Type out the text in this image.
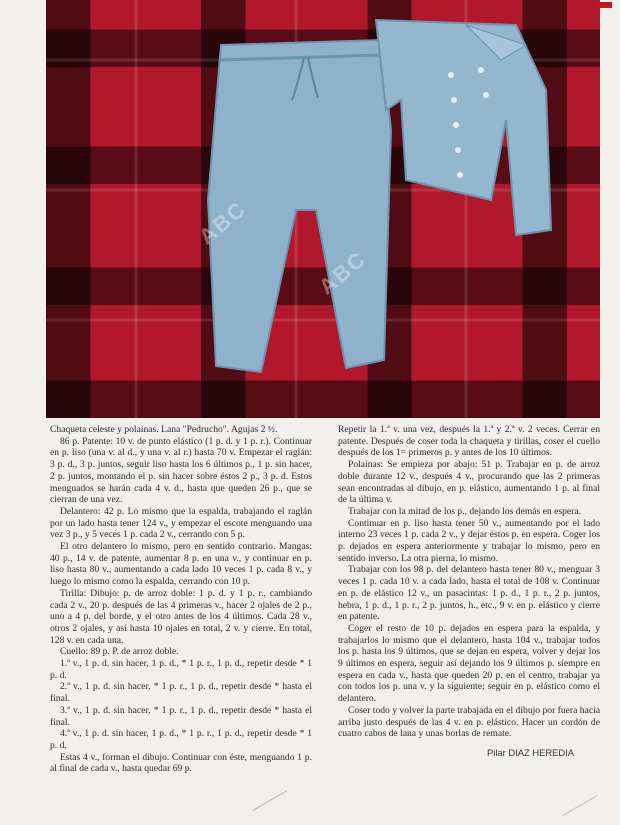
ABC
ABC

Chaqueta celeste y polainas. Lana "Pedrucho". Agujas 2 ½.

86 p. Patente: 10 v. de punto elástico (1 p. d. y 1 p. r.). Continuar en p. liso (una v. al d., y una v. al r.) hasta 70 v. Empezar el raglán: 3 p. d., 3 p. juntos, seguir liso hasta los 6 últimos p., 1 p. sin hacer, 2 p. juntos, montando el p. sin hacer sobre éstos 2 p., 3 p. d. Estos menguados se harán cada 4 v. d., hasta que queden 26 p., que se cierran de una vez.

Delantero: 42 p. Lo mismo que la espalda, trabajando el raglán por un lado hasta tener 124 v., y empezar el escote menguando una vez 3 p., y 5 veces 1 p. cada 2 v., cerrando con 5 p.

El otro delantero lo mismo, pero en sentido contrario. Mangas: 40 p., 14 v. de patente, aumentar 8 p. en una v., y continuar en p. liso hasta 80 v., aumentando a cada lado 10 veces 1 p. cada 8 v., y luego lo mismo como la espalda, cerrando con 10 p.

Tirilla: Dibujo: p. de arroz doble: 1 p. d. y 1 p. r., cambiando cada 2 v., 20 p. después de las 4 primeras v., hacer 2 ojales de 2 p., uno a 4 p. del borde, y el otro antes de los 4 últimos. Cada 28 v., otros 2 ojales, y así hasta 10 ojales en total, 2 v. y cierre. En total, 128 v. en cada una.

Cuello: 89 p. P. de arroz doble.

1.ª v., 1 p. d. sin hacer, 1 p. d., * 1 p. r., 1 p. d., repetir desde * 1 p. d.

2.ª v., 1 p. d. sin hacer, * 1 p. r., 1 p. d., repetir desde * hasta el final.

3.ª v., 1 p. d. sin hacer, * 1 p. r., 1 p. d., repetir desde * hasta el final.

4.ª v., 1 p. d. sin hacer, 1 p. d., * 1 p. r., 1 p. d., repetir desde * 1 p. d.

Estas 4 v., forman el dibujo. Continuar con éste, menguando 1 p. al final de cada v., hasta quedar 69 p.

Repetir la 1.ª v. una vez, después la 1.ª y 2.ª v. 2 veces. Cerrar en patente. Después de coser toda la chaqueta y tirillas, coser el cuello después de los 1= primeros p. y antes de los 10 últimos.

Polainas: Se empieza por abajo: 51 p. Trabajar en p. de arroz doble durante 12 v., después 4 v., procurando que las 2 primeras sean encontradas al dibujo, en p. elástico, aumentando 1 p. al final de la última v.

Trabajar con la mitad de los p., dejando los demás en espera.

Continuar en p. liso hasta tener 50 v., aumentando por el lado interno 23 veces 1 p. cada 2 v., y dejar éstos p. en espera. Coger los p. dejados en espera anteriormente y trabajar lo mismo, pero en sentido inverso. La otra pierna, lo mismo.

Trabajar con los 98 p. del delantero hasta tener 80 v., menguar 3 veces 1 p. cada 10 v. a cada lado, hasta el total de 108 v. Continuar en p. de elástico 12 v., un pasacintas: 1 p. d., 1 p. r., 2 p. juntos, hebra, 1 p. d., 1 p. r., 2 p. juntos, h., etc., 9 v. en p. elástico y cierre en patente.

Coger el resto de 10 p. dejados en espera para la espalda, y trabajarlos lo mismo que el delantero, hasta 104 v., trabajar todos los p. hasta los 9 últimos, que se dejan en espera, volver y dejar los 9 últimos en espera, seguir así dejando los 9 últimos p. siempre en espera en cada v., hasta que queden 20 p. en el centro, trabajar ya con todos los p. una v. y la siguiente; seguir en p. elástico como el delantero.

Coser todo y volver la parte trabajada en el dibujo por fuera hacia arriba justo después de las 4 v. en p. elástico. Hacer un cordón de cuatro cabos de lana y unas borlas de remate.

Pilar DIAZ HEREDIA
